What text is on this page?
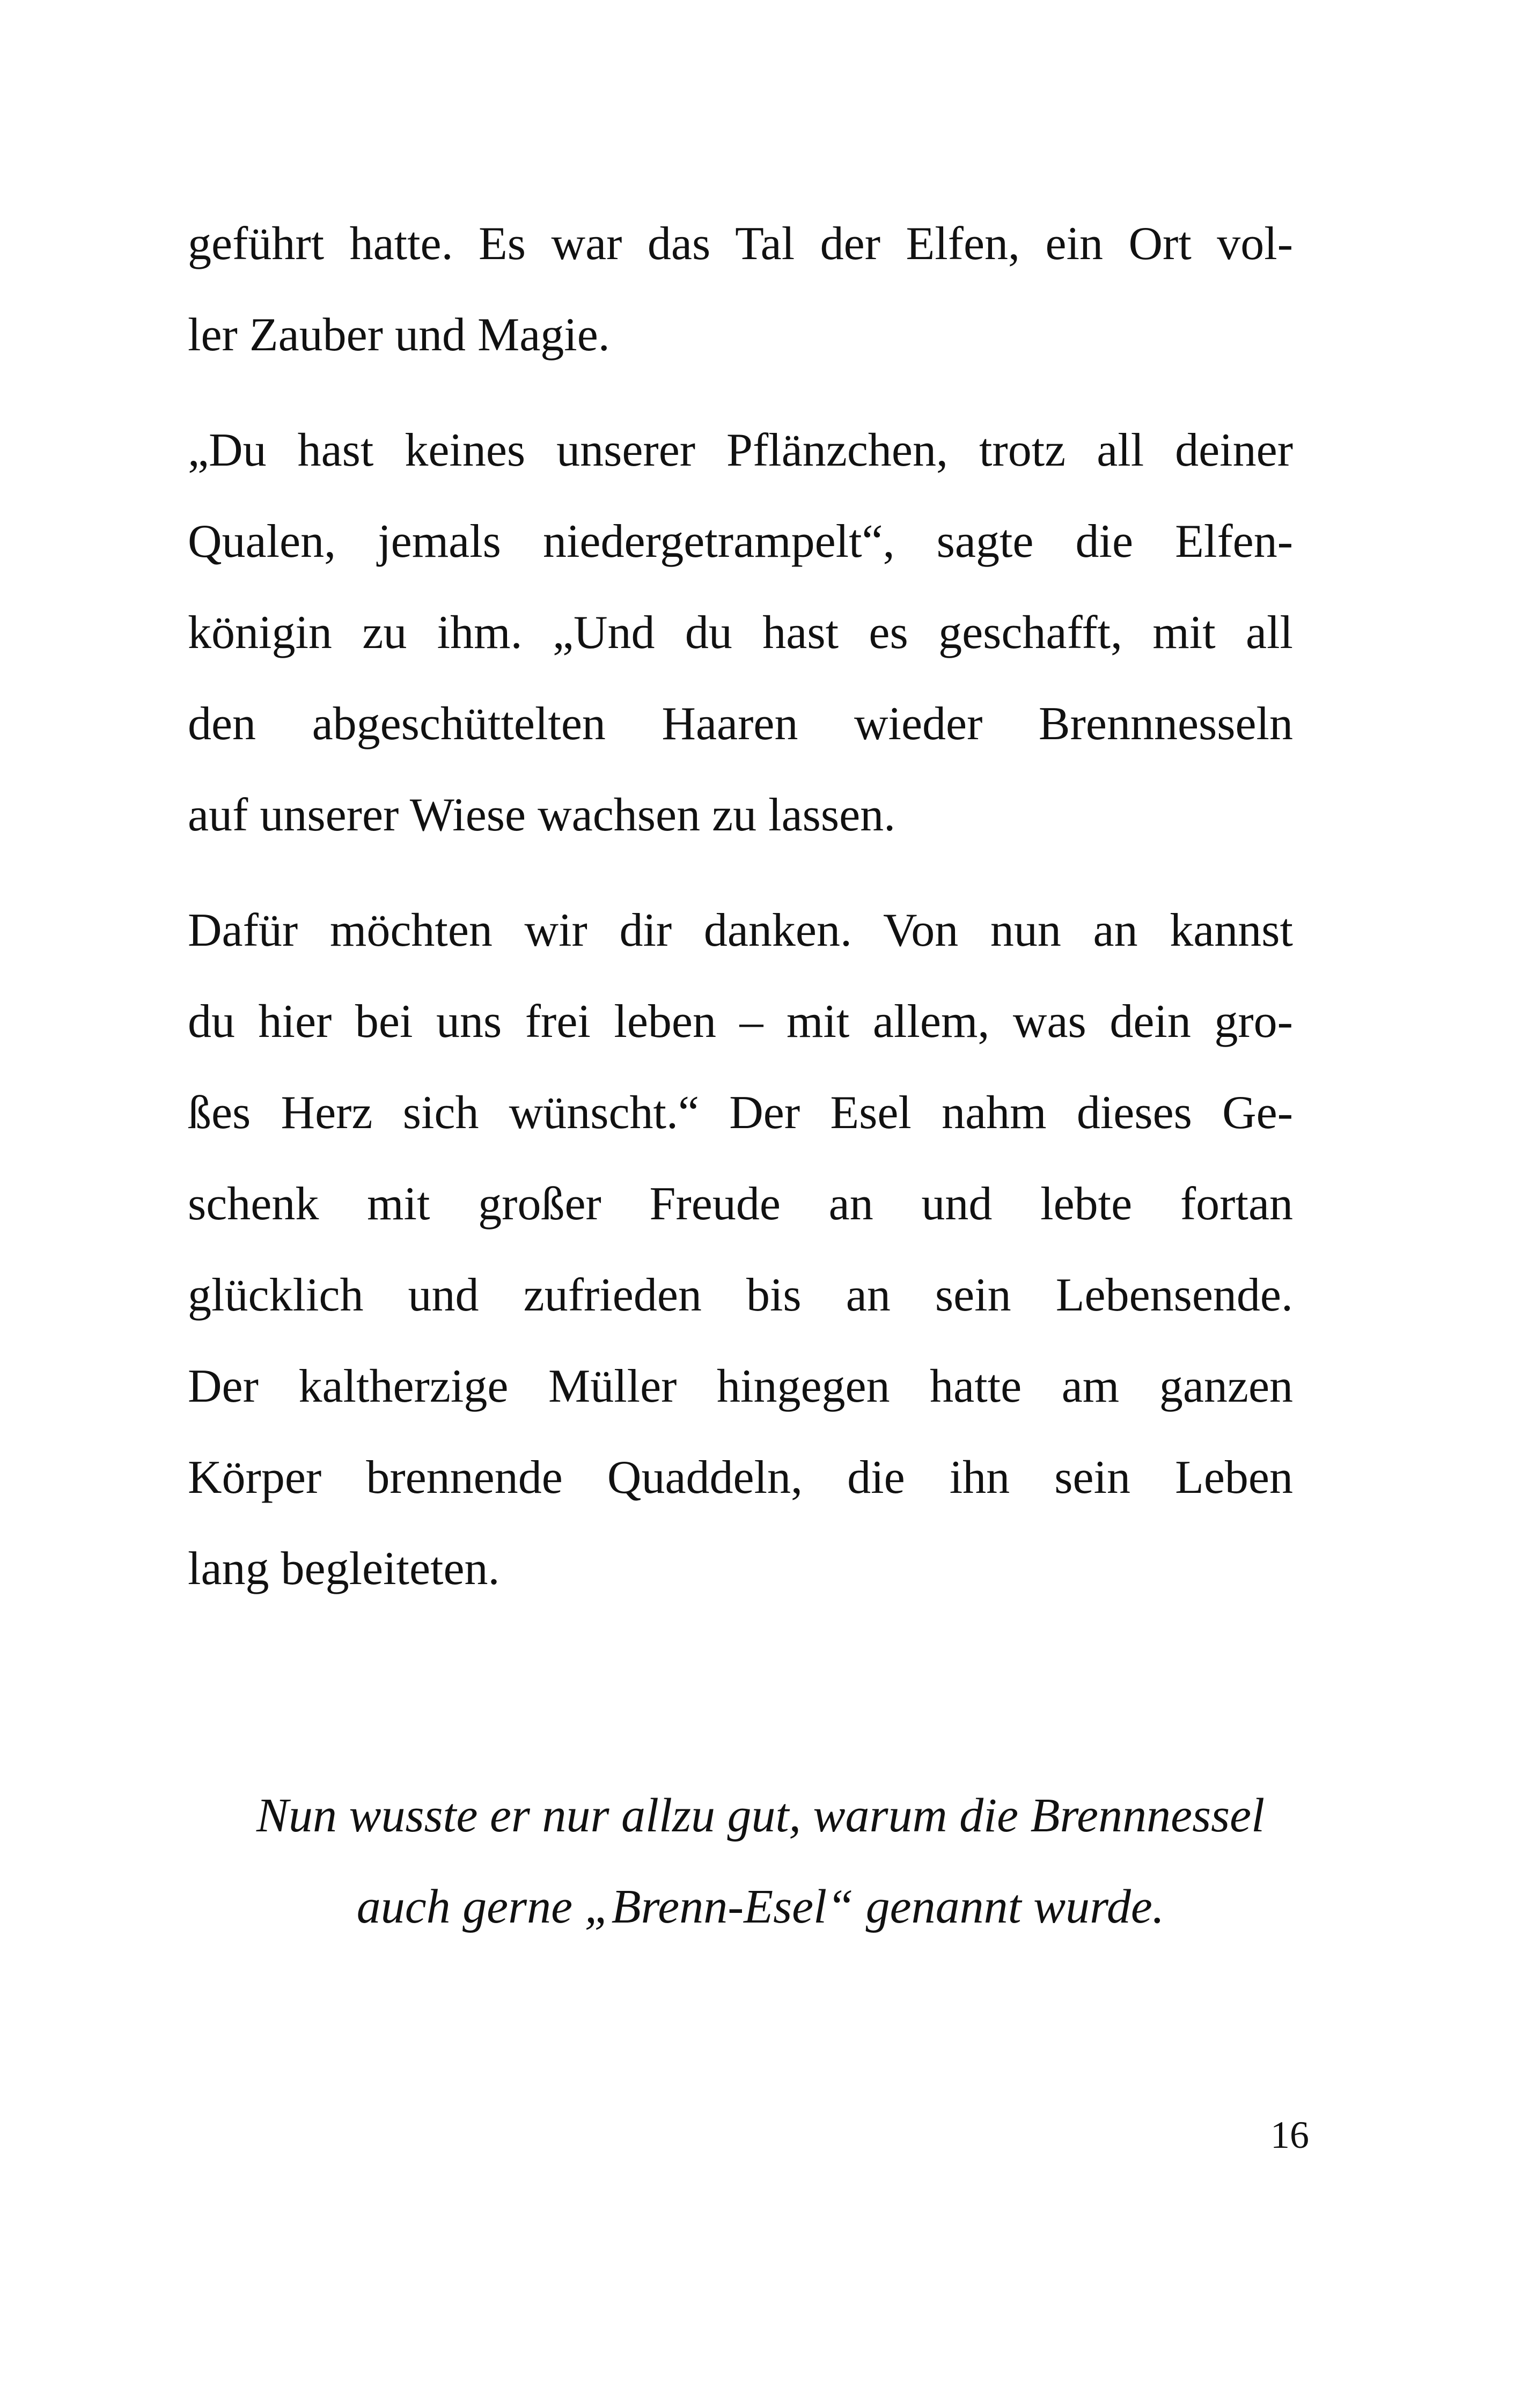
geführt hatte. Es war das Tal der Elfen, ein Ort vol-
ler Zauber und Magie.
„Du hast keines unserer Pflänzchen, trotz all deiner
Qualen, jemals niedergetrampelt“, sagte die Elfen-
königin zu ihm. „Und du hast es geschafft, mit all
den abgeschüttelten Haaren wieder Brennnesseln
auf unserer Wiese wachsen zu lassen.
Dafür möchten wir dir danken. Von nun an kannst
du hier bei uns frei leben – mit allem, was dein gro-
ßes Herz sich wünscht.“ Der Esel nahm dieses Ge-
schenk mit großer Freude an und lebte fortan
glücklich und zufrieden bis an sein Lebensende.
Der kaltherzige Müller hingegen hatte am ganzen
Körper brennende Quaddeln, die ihn sein Leben
lang begleiteten.
Nun wusste er nur allzu gut, warum die Brennnessel
auch gerne „Brenn-Esel“ genannt wurde.
16
